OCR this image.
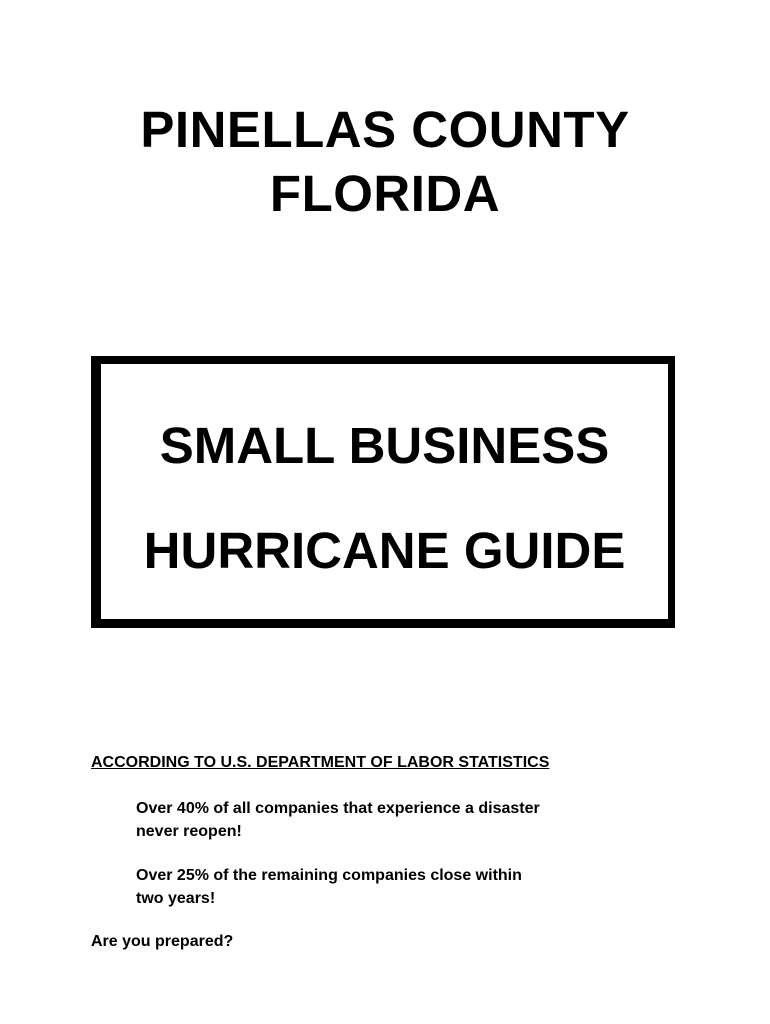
PINELLAS COUNTY
FLORIDA
SMALL BUSINESS
HURRICANE GUIDE
ACCORDING TO U.S. DEPARTMENT OF LABOR STATISTICS
Over 40% of all companies that experience a disaster
never reopen!
Over 25% of the remaining companies close within
two years!
Are you prepared?
